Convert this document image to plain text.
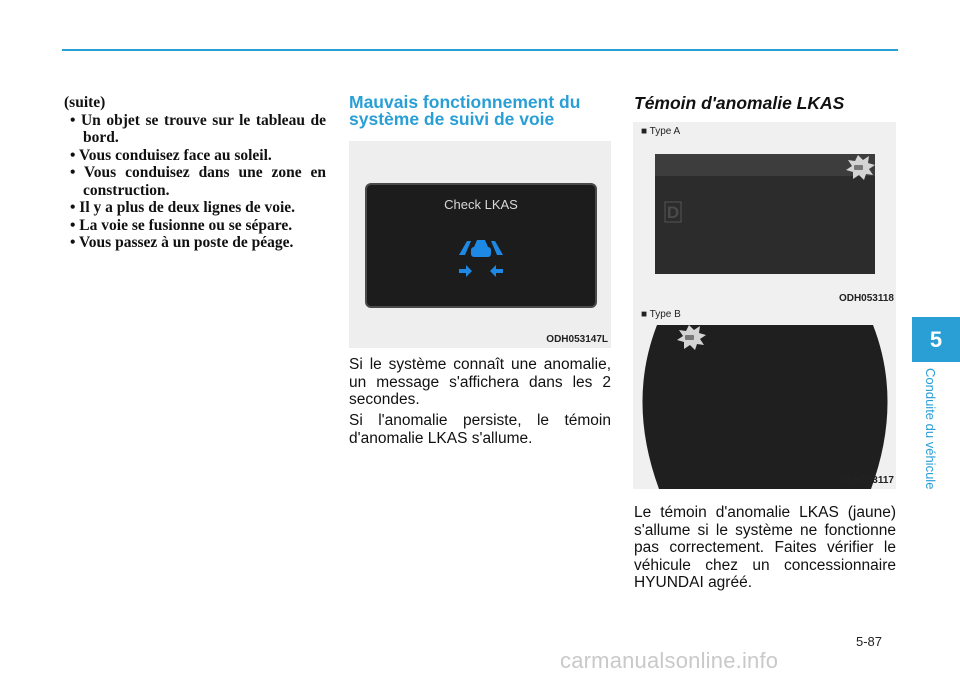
(suite)
• Un objet se trouve sur le tableau de bord.
• Vous conduisez face au soleil.
• Vous conduisez dans une zone en construction.
• Il y a plus de deux lignes de voie.
• La voie se fusionne ou se sépare.
• Vous passez à un poste de péage.
Mauvais fonctionnement du système de suivi de voie
Check LKAS
ODH053147L
Si le système connaît une anomalie, un message s'affichera dans les 2 secondes.
Si l'anomalie persiste, le témoin d'anomalie LKAS s'allume.
Témoin d'anomalie LKAS
D
■ Type A
ODH053118
■ Type B
ODH053117
Le témoin d'anomalie LKAS (jaune) s'allume si le système ne fonctionne pas correctement. Faites vérifier le véhicule chez un concessionnaire HYUNDAI agréé.
5
Conduite du véhicule
5-87
carmanualsonline.info
